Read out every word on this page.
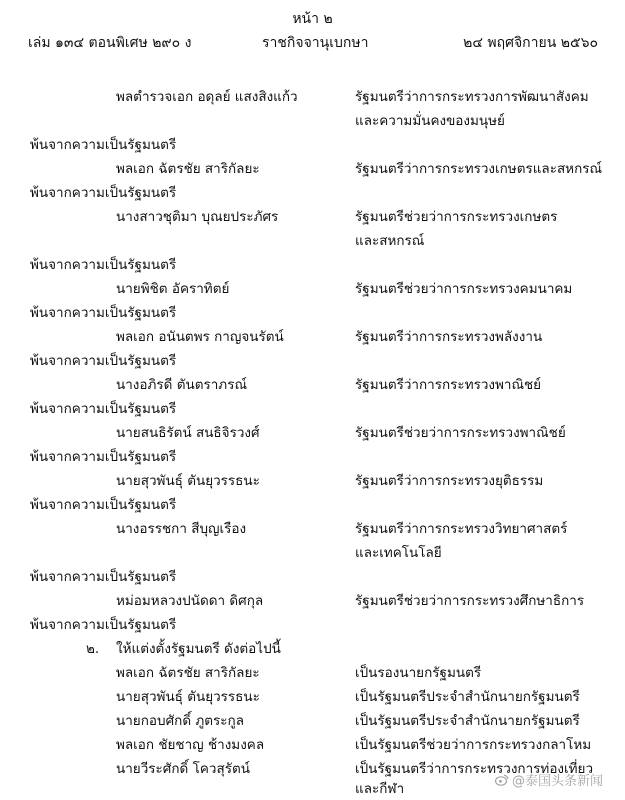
หน้า ๒
เล่ม ๑๓๔ ตอนพิเศษ ๒๙๐ ง	ราชกิจจานุเบกษา	๒๔ พฤศจิกายน ๒๕๖๐
พลตำรวจเอก อดุลย์ แสงสิงแก้ว	รัฐมนตรีว่าการกระทรวงการพัฒนาสังคม
และความมั่นคงของมนุษย์
พ้นจากความเป็นรัฐมนตรี
พลเอก ฉัตรชัย สาริกัลยะ	รัฐมนตรีว่าการกระทรวงเกษตรและสหกรณ์
พ้นจากความเป็นรัฐมนตรี
นางสาวชุติมา บุณยประภัศร	รัฐมนตรีช่วยว่าการกระทรวงเกษตร
และสหกรณ์
พ้นจากความเป็นรัฐมนตรี
นายพิชิต อัคราทิตย์	รัฐมนตรีช่วยว่าการกระทรวงคมนาคม
พ้นจากความเป็นรัฐมนตรี
พลเอก อนันตพร กาญจนรัตน์	รัฐมนตรีว่าการกระทรวงพลังงาน
พ้นจากความเป็นรัฐมนตรี
นางอภิรดี ตันตราภรณ์	รัฐมนตรีว่าการกระทรวงพาณิชย์
พ้นจากความเป็นรัฐมนตรี
นายสนธิรัตน์ สนธิจิรวงศ์	รัฐมนตรีช่วยว่าการกระทรวงพาณิชย์
พ้นจากความเป็นรัฐมนตรี
นายสุวพันธุ์ ตันยุวรรธนะ	รัฐมนตรีว่าการกระทรวงยุติธรรม
พ้นจากความเป็นรัฐมนตรี
นางอรรชกา สีบุญเรือง	รัฐมนตรีว่าการกระทรวงวิทยาศาสตร์
และเทคโนโลยี
พ้นจากความเป็นรัฐมนตรี
หม่อมหลวงปนัดดา ดิศกุล	รัฐมนตรีช่วยว่าการกระทรวงศึกษาธิการ
พ้นจากความเป็นรัฐมนตรี
๒. ให้แต่งตั้งรัฐมนตรี ดังต่อไปนี้
พลเอก ฉัตรชัย สาริกัลยะ	เป็นรองนายกรัฐมนตรี
นายสุวพันธุ์ ตันยุวรรธนะ	เป็นรัฐมนตรีประจำสำนักนายกรัฐมนตรี
นายกอบศักดิ์ ภูตระกูล	เป็นรัฐมนตรีประจำสำนักนายกรัฐมนตรี
พลเอก ชัยชาญ ช้างมงคล	เป็นรัฐมนตรีช่วยว่าการกระทรวงกลาโหม
นายวีระศักดิ์ โควสุรัตน์	เป็นรัฐมนตรีว่าการกระทรวงการท่องเที่ยว
และกีฬา	@泰国头条新闻
